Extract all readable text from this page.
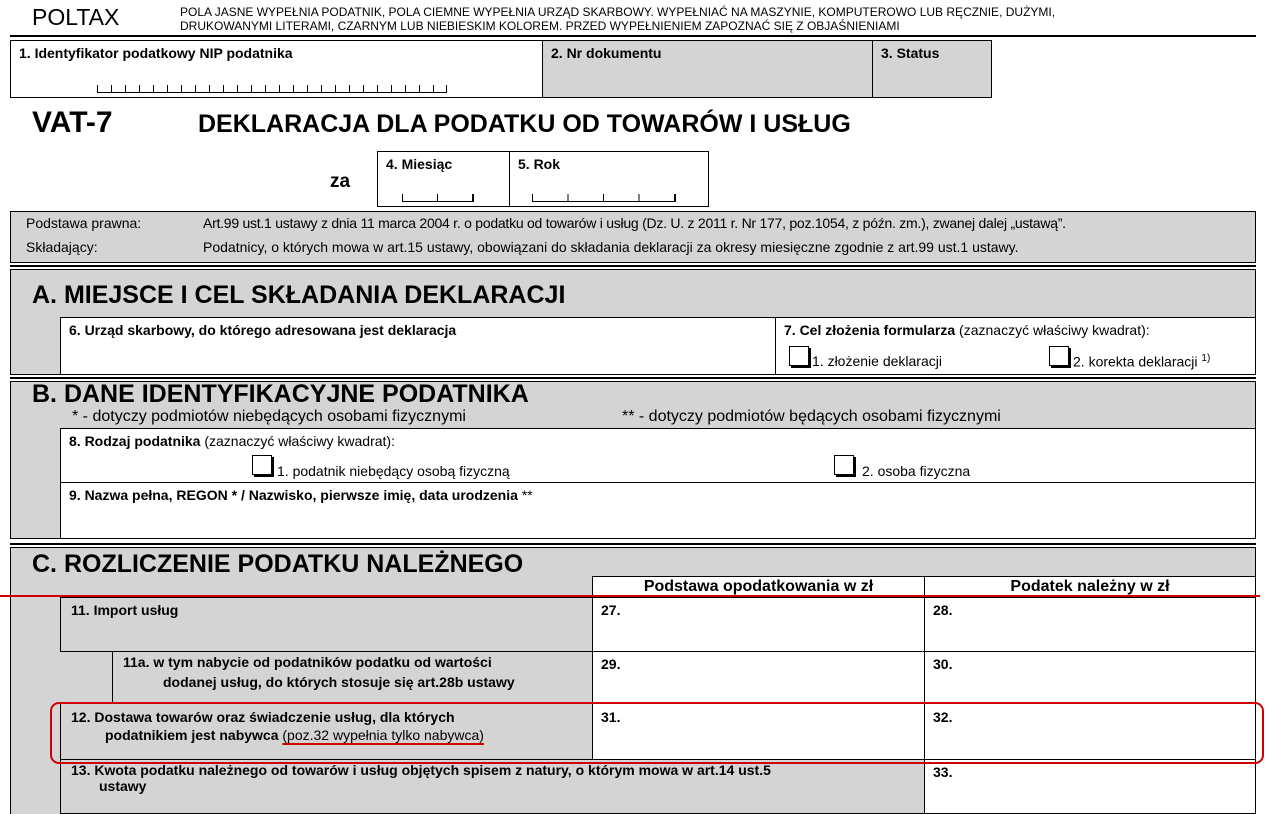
POLTAX	POLA JASNE WYPEŁNIA PODATNIK, POLA CIEMNE WYPEŁNIA URZĄD SKARBOWY. WYPEŁNIAĆ NA MASZYNIE, KOMPUTEROWO LUB RĘCZNIE, DUŻYMI,
DRUKOWANYMI LITERAMI, CZARNYM LUB NIEBIESKIM KOLOREM. PRZED WYPEŁNIENIEM ZAPOZNAĆ SIĘ Z OBJAŚNIENIAMI
1. Identyfikator podatkowy NIP podatnika	2. Nr dokumentu	3. Status
VAT-7	DEKLARACJA DLA PODATKU OD TOWARÓW I USŁUG
za
4. Miesiąc	5. Rok
Podstawa prawna:	Art.99 ust.1 ustawy z dnia 11 marca 2004 r. o podatku od towarów i usług (Dz. U. z 2011 r. Nr 177, poz.1054, z późn. zm.), zwanej dalej „ustawą”.
Składający:	Podatnicy, o których mowa w art.15 ustawy, obowiązani do składania deklaracji za okresy miesięczne zgodnie z art.99 ust.1 ustawy.
A. MIEJSCE I CEL SKŁADANIA DEKLARACJI
6. Urząd skarbowy, do którego adresowana jest deklaracja	7. Cel złożenia formularza (zaznaczyć właściwy kwadrat):
1. złożenie deklaracji	2. korekta deklaracji $^{1)}$
B. DANE IDENTYFIKACYJNE PODATNIKA
* - dotyczy podmiotów niebędących osobami fizycznymi	** - dotyczy podmiotów będących osobami fizycznymi
8. Rodzaj podatnika (zaznaczyć właściwy kwadrat):
1. podatnik niebędący osobą fizyczną	2. osoba fizyczna
9. Nazwa pełna, REGON * / Nazwisko, pierwsze imię, data urodzenia **
C. ROZLICZENIE PODATKU NALEŻNEGO
Podstawa opodatkowania w zł	Podatek należny w zł
11. Import usług	27.	28.
11a. w tym nabycie od podatników podatku od wartości
dodanej usług, do których stosuje się art.28b ustawy
29.	30.
12. Dostawa towarów oraz świadczenie usług, dla których
podatnikiem jest nabywca (poz.32 wypełnia tylko nabywca)
31.	32.
13. Kwota podatku należnego od towarów i usług objętych spisem z natury, o którym mowa w art.14 ust.5
ustawy
33.
